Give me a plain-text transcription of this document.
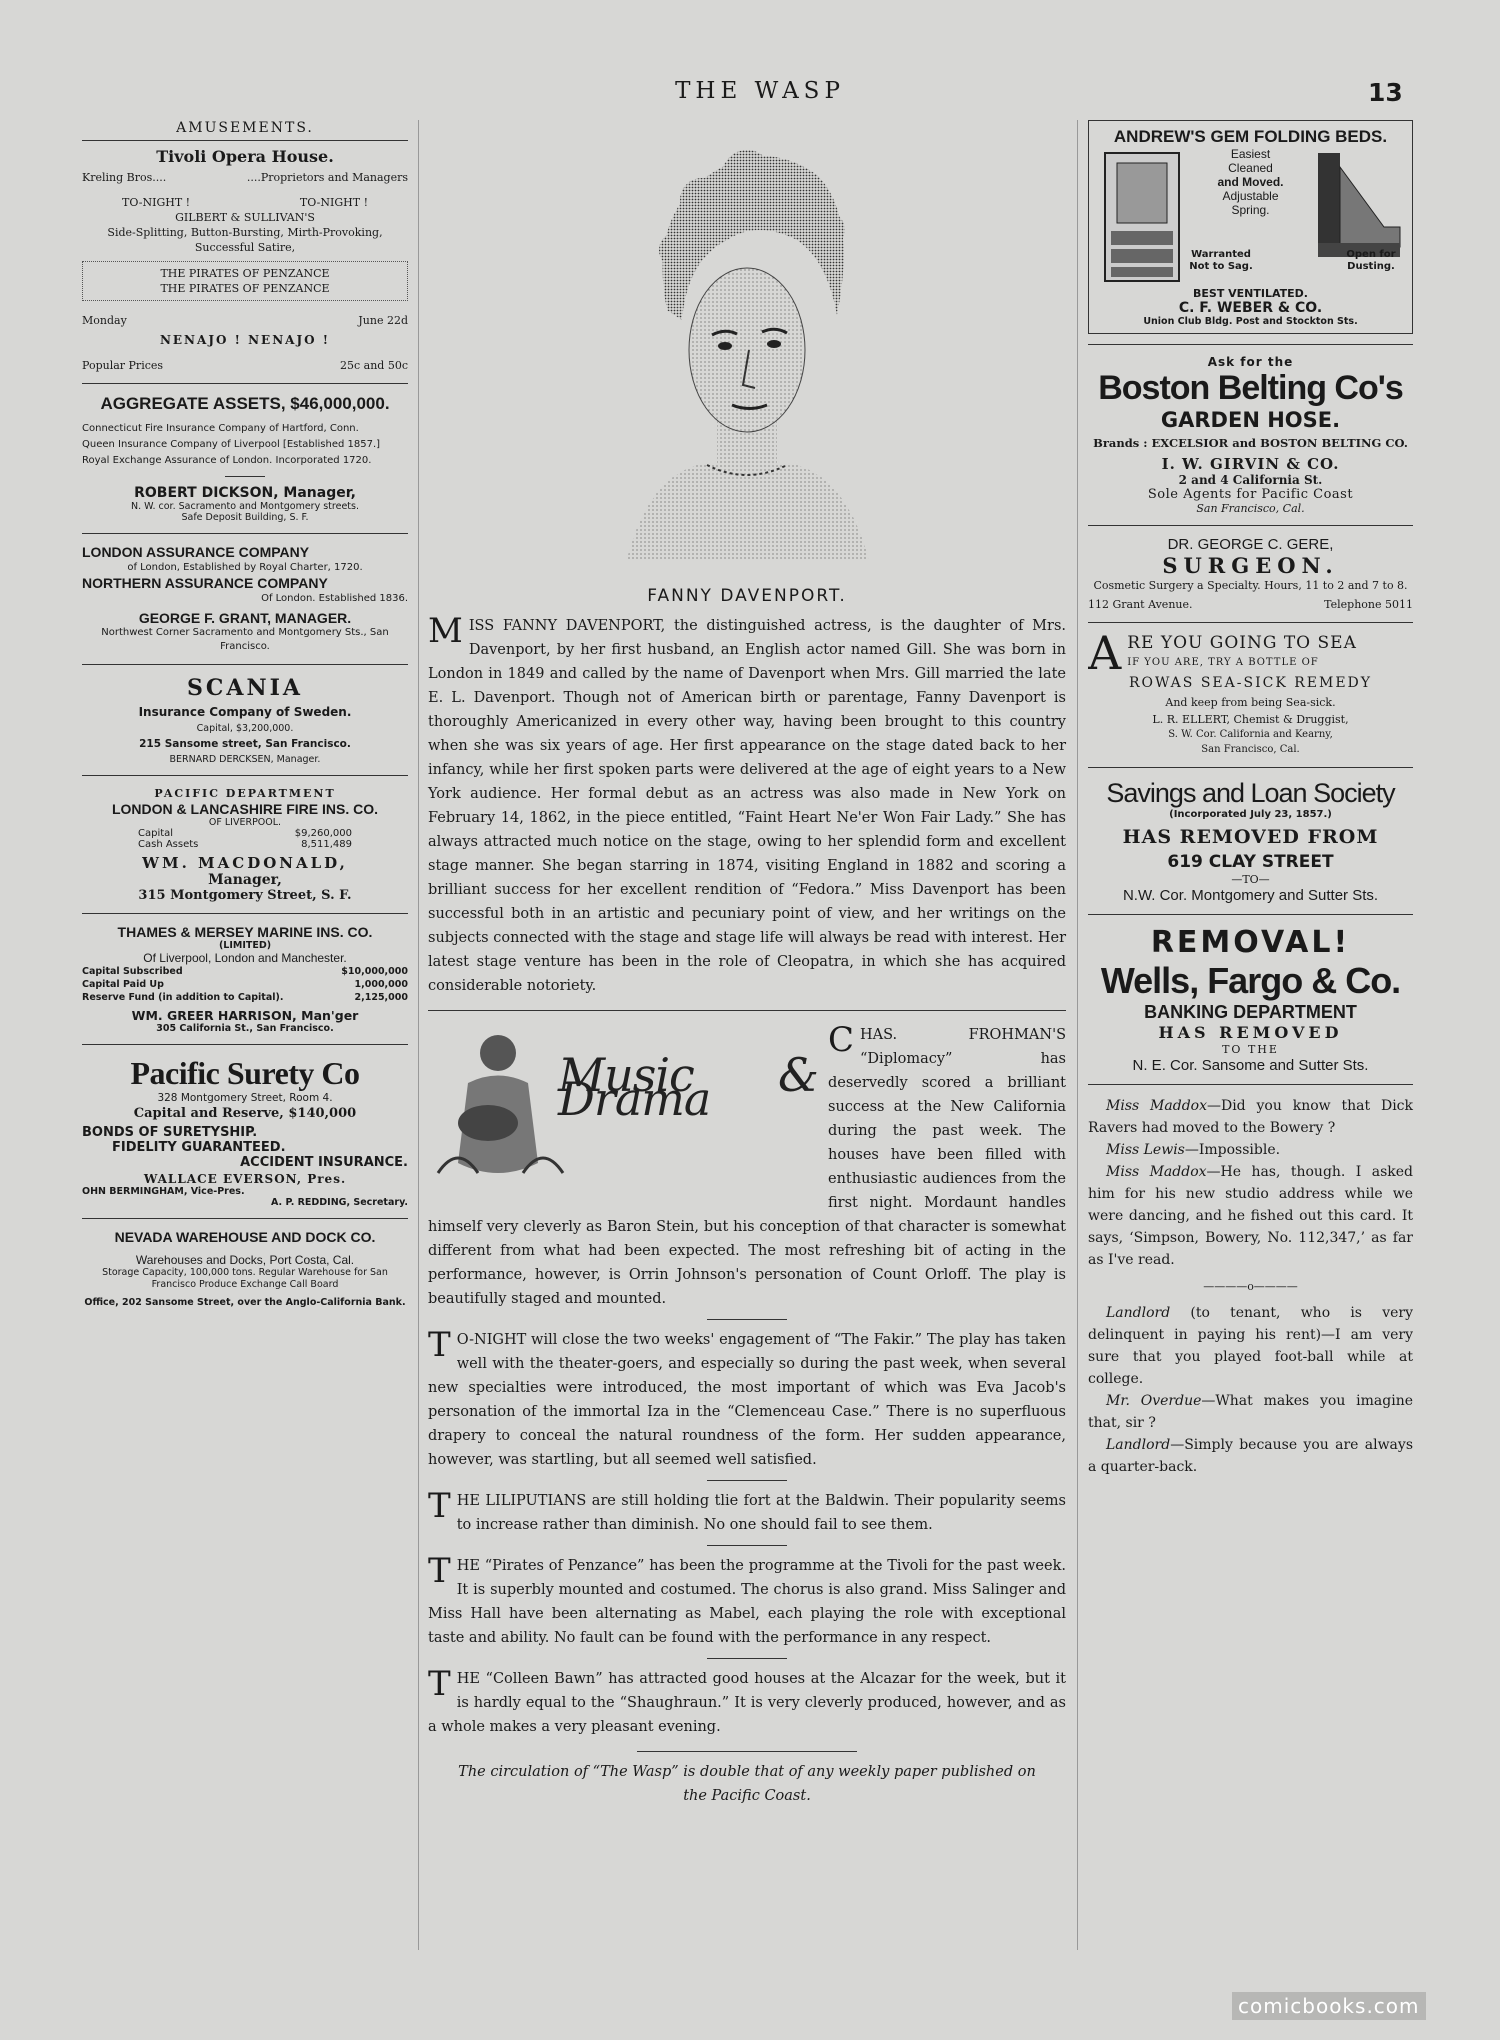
THE WASP	13
AMUSEMENTS.
Tivoli Opera House.
Kreling Bros....	....Proprietors and Managers
TO-NIGHT !	TO-NIGHT !
GILBERT & SULLIVAN'S
Side-Splitting, Button-Bursting, Mirth-Provoking, Successful Satire,
THE PIRATES OF PENZANCE
THE PIRATES OF PENZANCE
Monday	June 22d
NENAJO ! NENAJO !
Popular Prices	25c and 50c
AGGREGATE ASSETS, $46,000,000.
Connecticut Fire Insurance Company of Hartford, Conn.
Queen Insurance Company of Liverpool [Established 1857.]
Royal Exchange Assurance of London. Incorporated 1720.
ROBERT DICKSON, Manager,
N. W. cor. Sacramento and Montgomery streets.
Safe Deposit Building, S. F.
LONDON ASSURANCE COMPANY
of London, Established by Royal Charter, 1720.
NORTHERN ASSURANCE COMPANY
Of London. Established 1836.
GEORGE F. GRANT, MANAGER.
Northwest Corner Sacramento and Montgomery Sts., San Francisco.
SCANIA
Insurance Company of Sweden.
Capital, $3,200,000.
215 Sansome street, San Francisco.
BERNARD DERCKSEN, Manager.
PACIFIC DEPARTMENT
LONDON & LANCASHIRE FIRE INS. CO.
OF LIVERPOOL.
Capital	$9,260,000
Cash Assets	8,511,489
WM. MACDONALD,
Manager,
315 Montgomery Street, S. F.
THAMES & MERSEY MARINE INS. CO.
(LIMITED)
Of Liverpool, London and Manchester.
Capital Subscribed	$10,000,000
Capital Paid Up	1,000,000
Reserve Fund (in addition to Capital).	2,125,000
WM. GREER HARRISON, Man'ger
305 California St., San Francisco.
Pacific Surety Co
328 Montgomery Street, Room 4.
Capital and Reserve, $140,000
BONDS OF SURETYSHIP.
FIDELITY GUARANTEED.
ACCIDENT INSURANCE.
WALLACE EVERSON, Pres.
OHN BERMINGHAM, Vice-Pres.
A. P. REDDING, Secretary.
NEVADA WAREHOUSE AND DOCK CO.
Warehouses and Docks, Port Costa, Cal.
Storage Capacity, 100,000 tons. Regular Warehouse for San Francisco Produce Exchange Call Board
Office, 202 Sansome Street, over the Anglo-California Bank.
FANNY DAVENPORT.
MISS FANNY DAVENPORT, the distinguished actress, is the daughter of Mrs. Davenport, by her first husband, an English actor named Gill. She was born in London in 1849 and called by the name of Davenport when Mrs. Gill married the late E. L. Davenport. Though not of American birth or parentage, Fanny Davenport is thoroughly Americanized in every other way, having been brought to this country when she was six years of age. Her first appearance on the stage dated back to her infancy, while her first spoken parts were delivered at the age of eight years to a New York audience. Her formal debut as an actress was also made in New York on February 14, 1862, in the piece entitled, “Faint Heart Ne'er Won Fair Lady.” She has always attracted much notice on the stage, owing to her splendid form and excellent stage manner. She began starring in 1874, visiting England in 1882 and scoring a brilliant success for her excellent rendition of “Fedora.” Miss Davenport has been successful both in an artistic and pecuniary point of view, and her writings on the subjects connected with the stage and stage life will always be read with interest. Her latest stage venture has been in the role of Cleopatra, in which she has acquired considerable notoriety.
Music & Drama
C HAS. FROHMAN'S “Diplomacy” has deservedly scored a brilliant success at the New California during the past week. The houses have been filled with enthusiastic audiences from the first night. Mordaunt handles himself very cleverly as Baron Stein, but his conception of that character is somewhat different from what had been expected. The most refreshing bit of acting in the performance, however, is Orrin Johnson's personation of Count Orloff. The play is beautifully staged and mounted.
T O-NIGHT will close the two weeks' engagement of “The Fakir.” The play has taken well with the theater-goers, and especially so during the past week, when several new specialties were introduced, the most important of which was Eva Jacob's personation of the immortal Iza in the “Clemenceau Case.” There is no superfluous drapery to conceal the natural roundness of the form. Her sudden appearance, however, was startling, but all seemed well satisfied.
THE LILIPUTIANS are still holding tlie fort at the Baldwin. Their popularity seems to increase rather than diminish. No one should fail to see them.
THE “Pirates of Penzance” has been the programme at the Tivoli for the past week. It is superbly mounted and costumed. The chorus is also grand. Miss Salinger and Miss Hall have been alternating as Mabel, each playing the role with exceptional taste and ability. No fault can be found with the performance in any respect.
THE “Colleen Bawn” has attracted good houses at the Alcazar for the week, but it is hardly equal to the “Shaughraun.” It is very cleverly produced, however, and as a whole makes a very pleasant evening.
The circulation of “The Wasp” is double that of any weekly paper published on the Pacific Coast.
ANDREW'S GEM FOLDING BEDS.
Easiest
Cleaned
and Moved.
Adjustable
Spring.
Warranted Not to Sag.
Open for Dusting.
BEST VENTILATED.
C. F. WEBER & CO.
Union Club Bldg. Post and Stockton Sts.
Ask for the
Boston Belting Co's
GARDEN HOSE.
Brands : EXCELSIOR and BOSTON BELTING CO.
I. W. GIRVIN & CO.
2 and 4 California St.
Sole Agents for Pacific Coast
San Francisco, Cal.
DR. GEORGE C. GERE,
SURGEON.
Cosmetic Surgery a Specialty. Hours, 11 to 2 and 7 to 8.
112 Grant Avenue.	Telephone 5011
A RE YOU GOING TO SEA
IF YOU ARE, TRY A BOTTLE OF
ROWAS SEA-SICK REMEDY
And keep from being Sea-sick.
L. R. ELLERT, Chemist & Druggist,
S. W. Cor. California and Kearny,
San Francisco, Cal.
Savings and Loan Society
(Incorporated July 23, 1857.)
HAS REMOVED FROM
619 CLAY STREET
—TO—
N.W. Cor. Montgomery and Sutter Sts.
REMOVAL!
Wells, Fargo & Co.
BANKING DEPARTMENT
HAS REMOVED
TO THE
N. E. Cor. Sansome and Sutter Sts.
Miss Maddox—Did you know that Dick Ravers had moved to the Bowery ?
Miss Lewis—Impossible.
Miss Maddox—He has, though. I asked him for his new studio address while we were dancing, and he fished out this card. It says, ‘Simpson, Bowery, No. 112,347,’ as far as I've read.
————o————
Landlord (to tenant, who is very delinquent in paying his rent)—I am very sure that you played foot-ball while at college.
Mr. Overdue—What makes you imagine that, sir ?
Landlord—Simply because you are always a quarter-back.
comicbooks.com
